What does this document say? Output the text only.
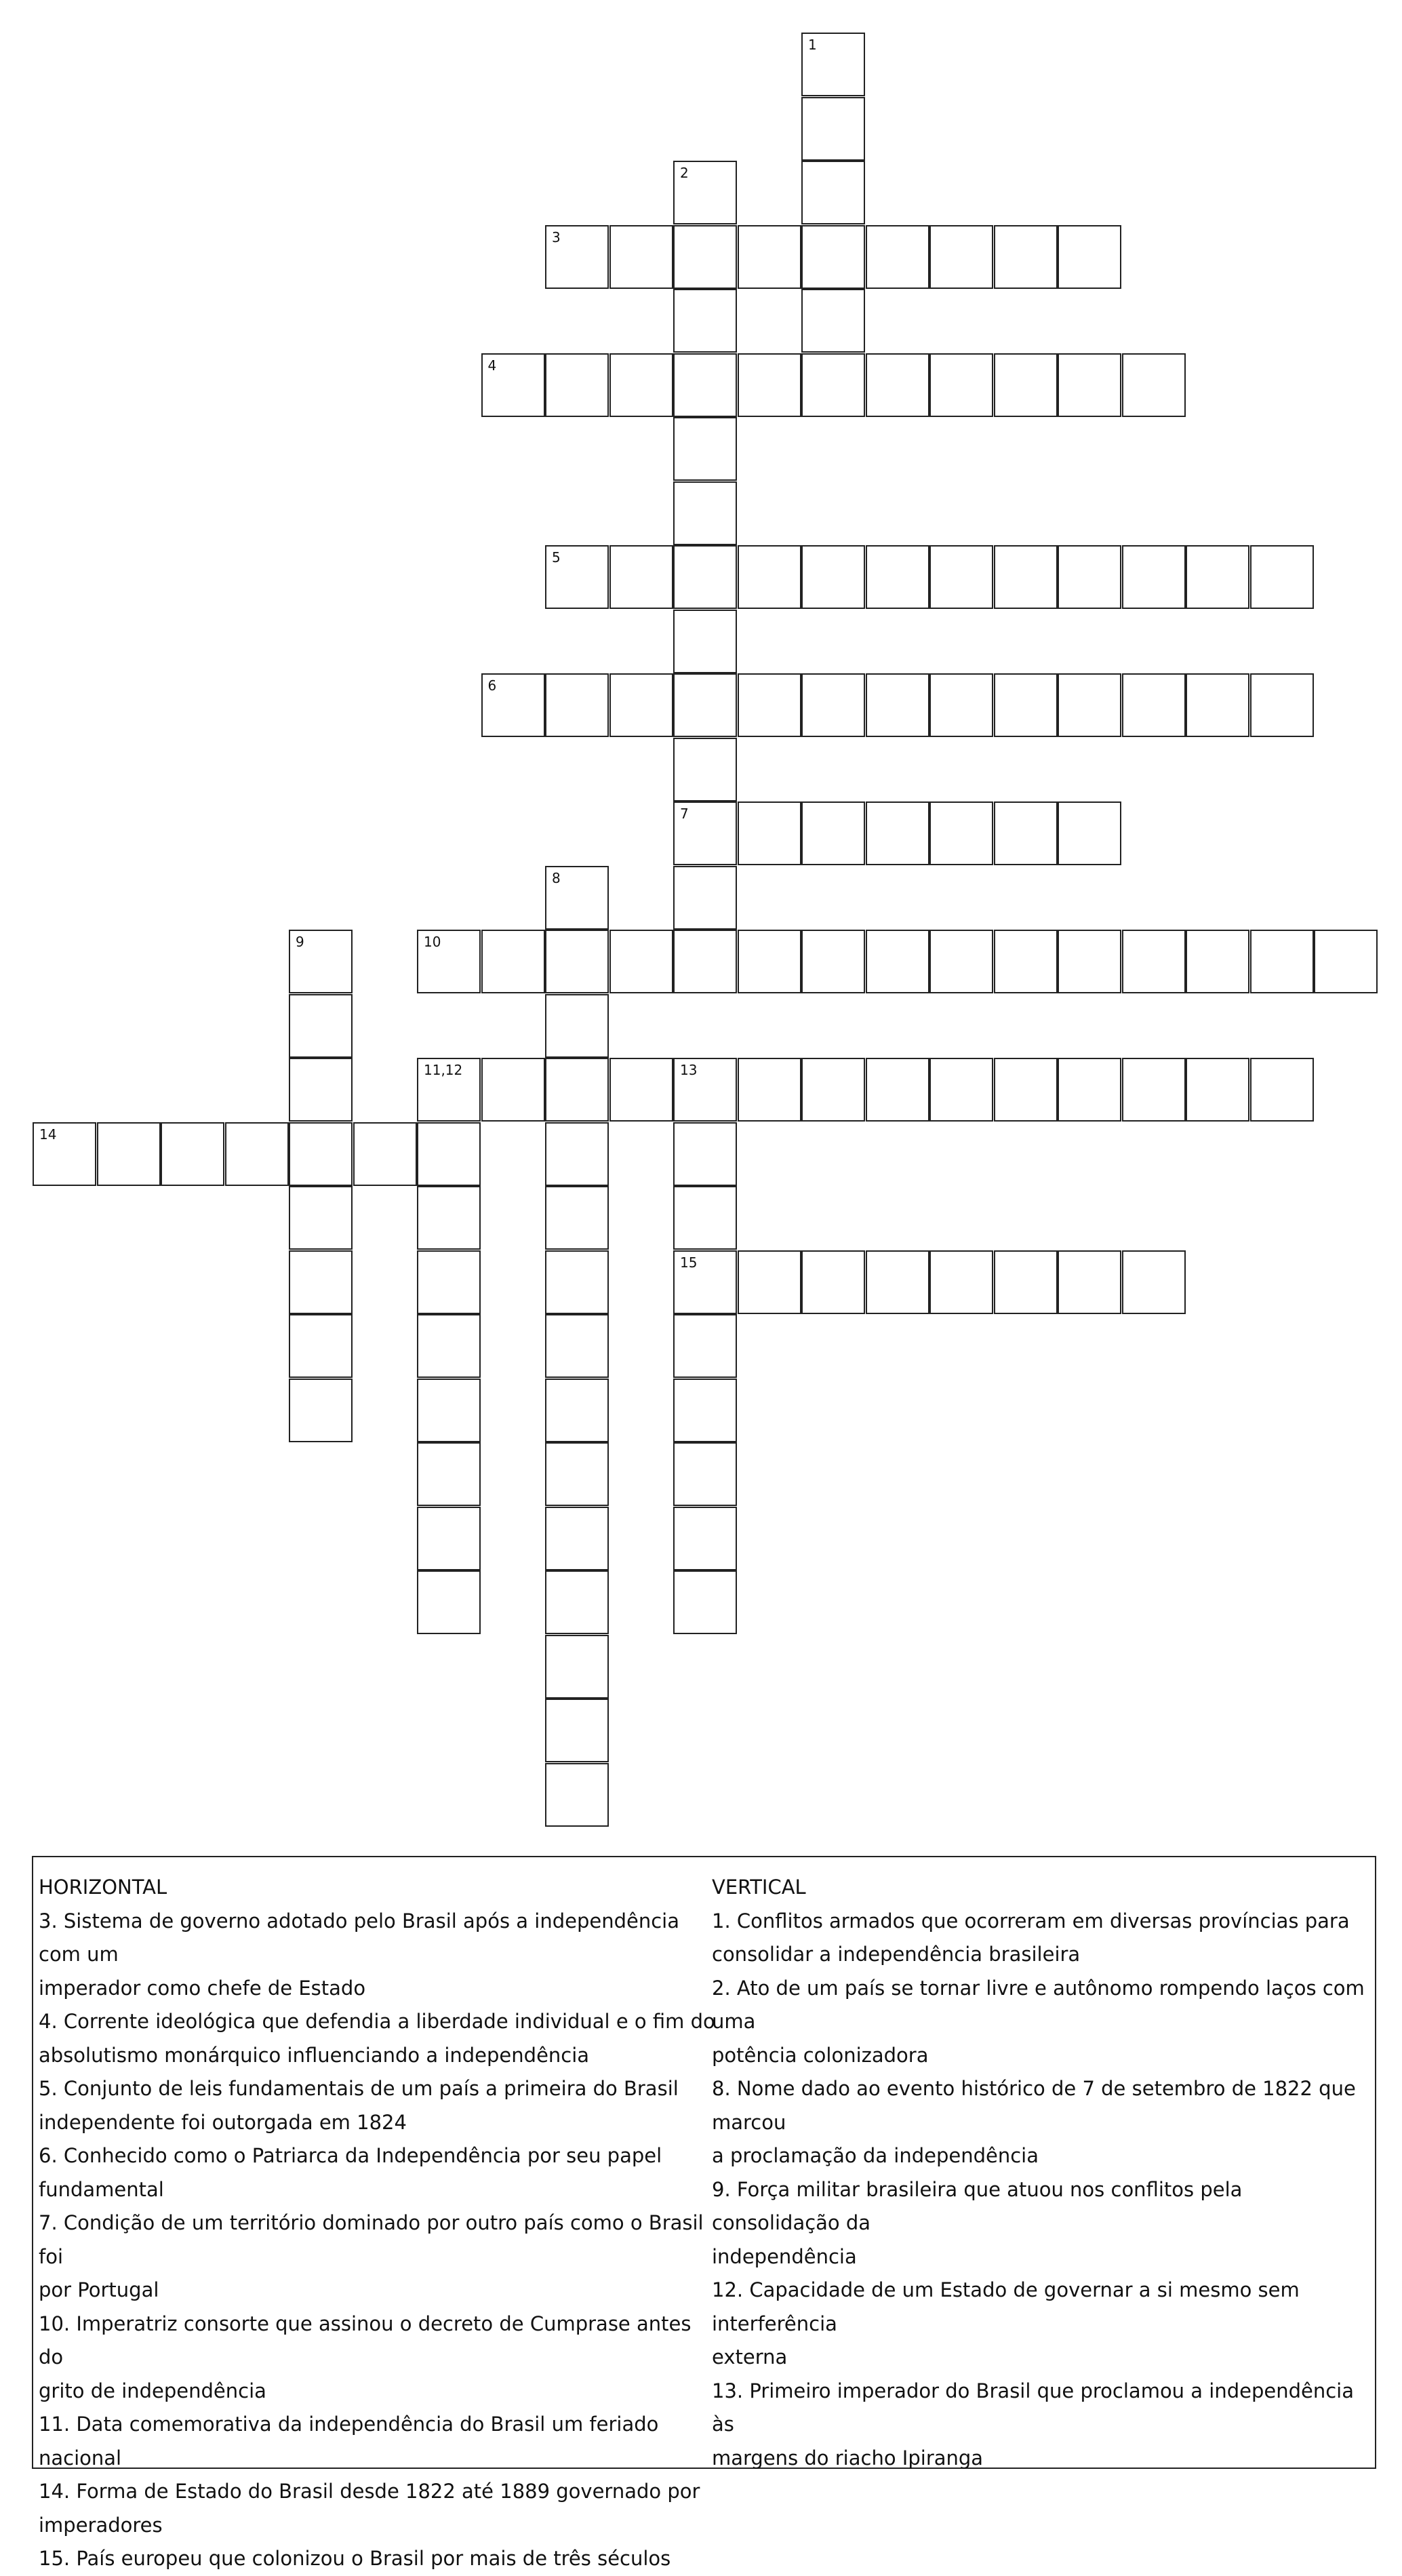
1
2
7
3
4
5
6
8
9	10
11,12	13
15
14
HORIZONTAL
3. Sistema de governo adotado pelo Brasil após a independência com um
imperador como chefe de Estado
4. Corrente ideológica que defendia a liberdade individual e o fim do
absolutismo monárquico influenciando a independência
5. Conjunto de leis fundamentais de um país a primeira do Brasil
independente foi outorgada em 1824
6. Conhecido como o Patriarca da Independência por seu papel
fundamental
7. Condição de um território dominado por outro país como o Brasil foi
por Portugal
10. Imperatriz consorte que assinou o decreto de Cumprase antes do
grito de independência
11. Data comemorativa da independência do Brasil um feriado nacional
14. Forma de Estado do Brasil desde 1822 até 1889 governado por
imperadores
15. País europeu que colonizou o Brasil por mais de três séculos
VERTICAL
1. Conflitos armados que ocorreram em diversas províncias para
consolidar a independência brasileira
2. Ato de um país se tornar livre e autônomo rompendo laços com uma
potência colonizadora
8. Nome dado ao evento histórico de 7 de setembro de 1822 que marcou
a proclamação da independência
9. Força militar brasileira que atuou nos conflitos pela consolidação da
independência
12. Capacidade de um Estado de governar a si mesmo sem interferência
externa
13. Primeiro imperador do Brasil que proclamou a independência às
margens do riacho Ipiranga
